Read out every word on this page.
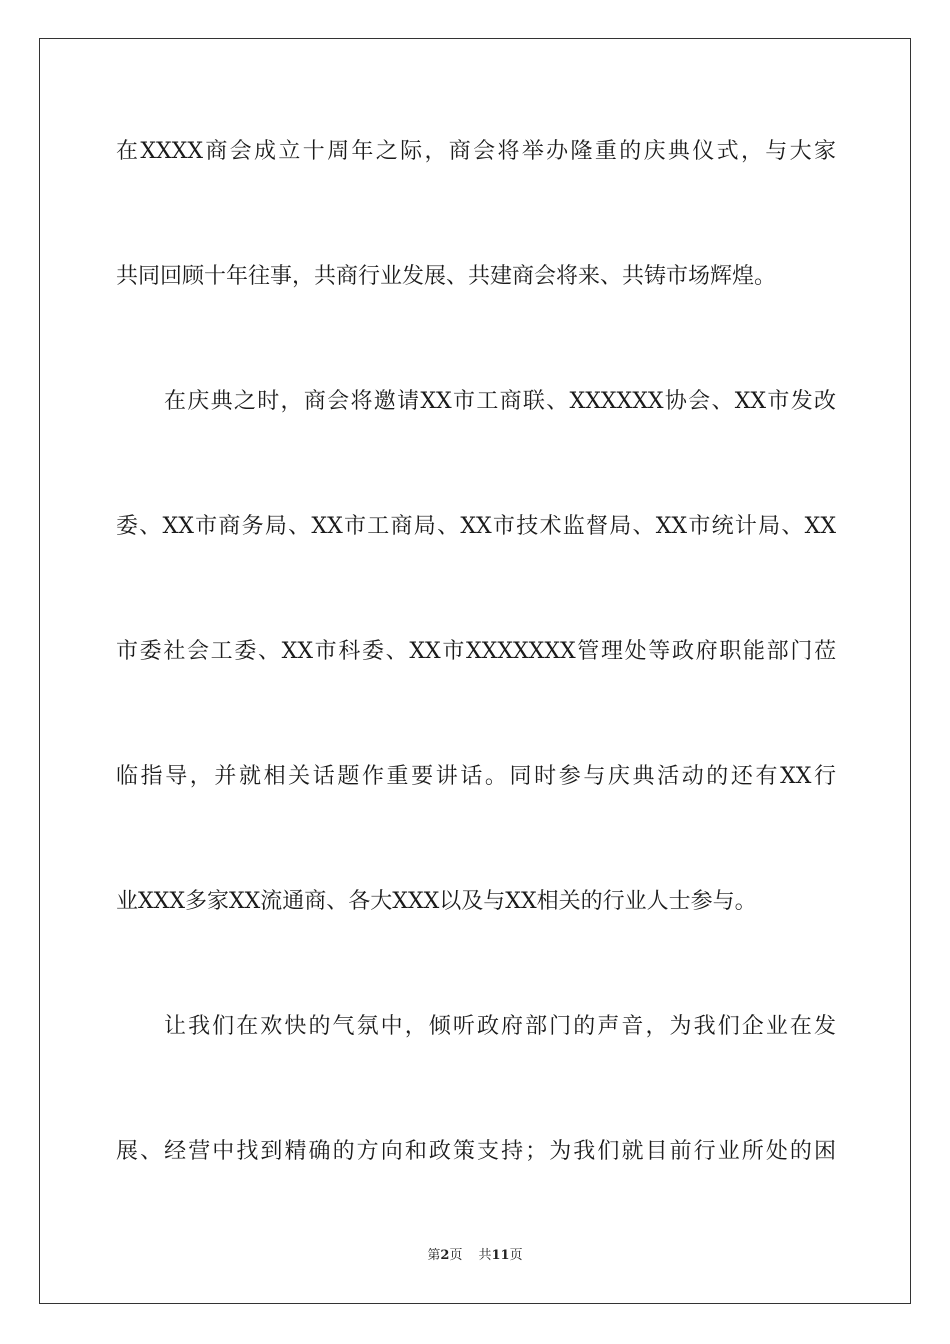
在XXXX商会成立十周年之际，商会将举办隆重的庆典仪式，与大家
共同回顾十年往事，共商行业发展、共建商会将来、共铸市场辉煌。
在庆典之时，商会将邀请XX市工商联、XXXXXX协会、XX市发改
委、XX市商务局、XX市工商局、XX市技术监督局、XX市统计局、XX
市委社会工委、XX市科委、XX市XXXXXXX管理处等政府职能部门莅
临指导，并就相关话题作重要讲话。同时参与庆典活动的还有XX行
业XXX多家XX流通商、各大XXX以及与XX相关的行业人士参与。
让我们在欢快的气氛中，倾听政府部门的声音，为我们企业在发
展、经营中找到精确的方向和政策支持；为我们就目前行业所处的困
第2页 共11页
